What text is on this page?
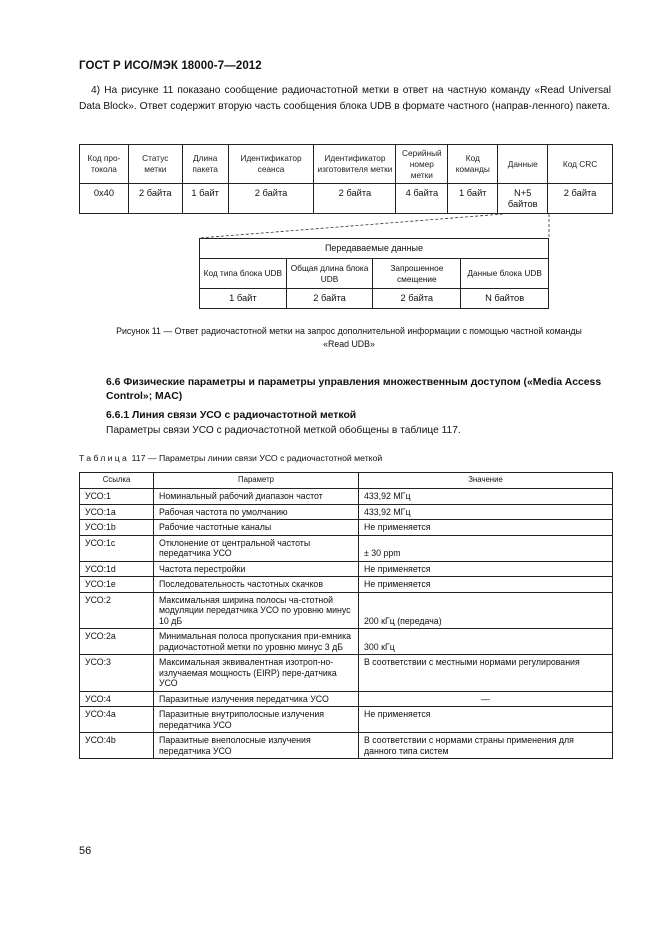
ГОСТ Р ИСО/МЭК 18000-7—2012
4) На рисунке 11 показано сообщение радиочастотной метки в ответ на частную команду «Read Universal Data Block». Ответ содержит вторую часть сообщения блока UDB в формате частного (направ-ленного) пакета.
Код про-токола	Статус метки	Длина пакета	Идентификатор сеанса	Идентификатор изготовителя метки	Серийный номер метки	Код команды	Данные	Код CRC
0x40	2 байта	1 байт	2 байта	2 байта	4 байта	1 байт	N+5 байтов	2 байта
Передаваемые данные			
Код типа блока UDB	Общая длина блока UDB	Запрошенное смещение	Данные блока UDB
1 байт	2 байта	2 байта	N байтов
Рисунок 11 — Ответ радиочастотной метки на запрос дополнительной информации с помощью частной команды
«Read UDB»
6.6 Физические параметры и параметры управления множественным доступом («Media Access Control»; MAC)
6.6.1 Линия связи УСО с радиочастотной меткой
Параметры связи УСО с радиочастотной меткой обобщены в таблице 117.
Таблица 117 — Параметры линии связи УСО с радиочастотной меткой
Ссылка	Параметр	Значение
УСО:1	Номинальный рабочий диапазон частот	433,92 МГц
УСО:1a	Рабочая частота по умолчанию	433,92 МГц
УСО:1b	Рабочие частотные каналы	Не применяется
УСО:1c	Отклонение от центральной частоты передатчика УСО	± 30 ppm
УСО:1d	Частота перестройки	Не применяется
УСО:1e	Последовательность частотных скачков	Не применяется
УСО:2	Максимальная ширина полосы ча-стотной модуляции передатчика УСО по уровню минус 10 дБ	200 кГц (передача)
УСО:2a	Минимальная полоса пропускания при-емника радиочастотной метки по уровню минус 3 дБ	300 кГц
УСО:3	Максимальная эквивалентная изотроп-но-излучаемая мощность (EIRP) пере-датчика УСО	В соответствии с местными нормами регулирования
УСО:4	Паразитные излучения передатчика УСО	—
УСО:4a	Паразитные внутриполосные излучения передатчика УСО	Не применяется
УСО:4b	Паразитные внеполосные излучения передатчика УСО	В соответствии с нормами страны применения для данного типа систем
56
